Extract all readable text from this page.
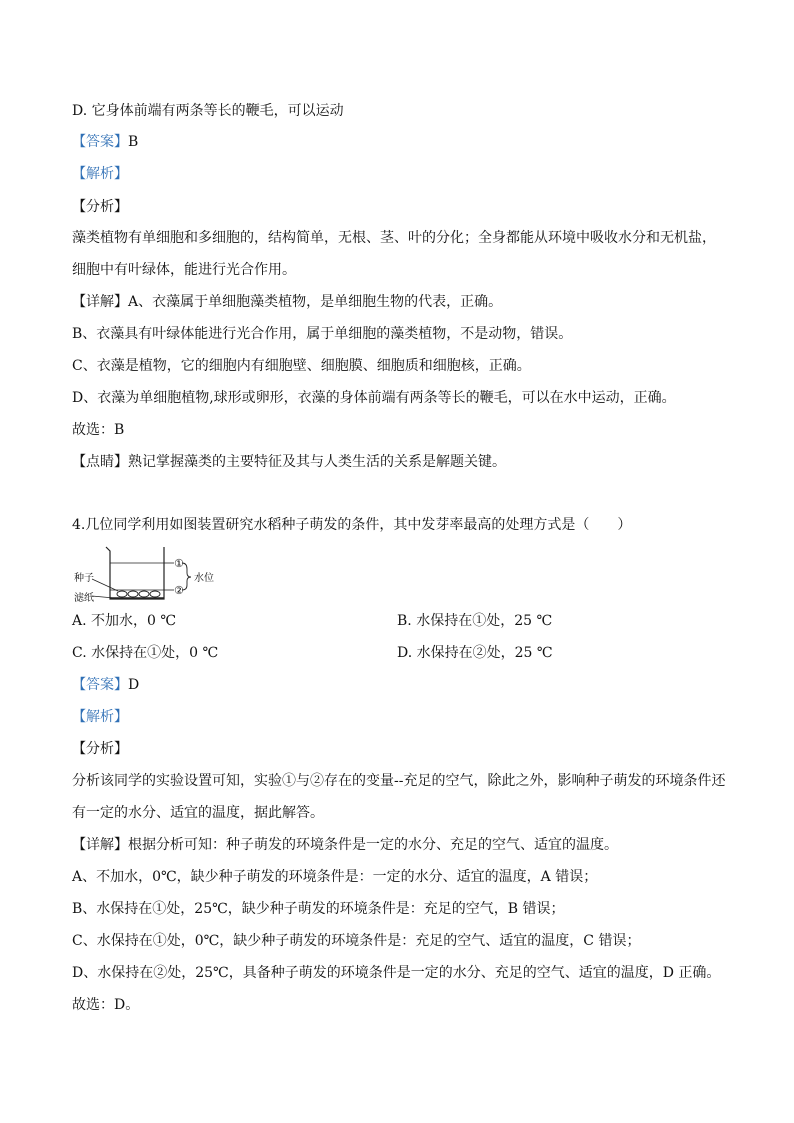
D. 它身体前端有两条等长的鞭毛，可以运动
【答案】B
【解析】
【分析】
藻类植物有单细胞和多细胞的，结构简单，无根、茎、叶的分化；全身都能从环境中吸收水分和无机盐，
细胞中有叶绿体，能进行光合作用。
【详解】A、衣藻属于单细胞藻类植物，是单细胞生物的代表，正确。
B、衣藻具有叶绿体能进行光合作用，属于单细胞的藻类植物，不是动物，错误。
C、衣藻是植物，它的细胞内有细胞壁、细胞膜、细胞质和细胞核，正确。
D、衣藻为单细胞植物,球形或卵形，衣藻的身体前端有两条等长的鞭毛，可以在水中运动，正确。
故选：B
【点睛】熟记掌握藻类的主要特征及其与人类生活的关系是解题关键。
4.几位同学利用如图装置研究水稻种子萌发的条件，其中发芽率最高的处理方式是（　　）
种子
滤纸
①
②
水位
A. 不加水，0 ℃	B. 水保持在①处，25 ℃
C. 水保持在①处，0 ℃	D. 水保持在②处，25 ℃
【答案】D
【解析】
【分析】
分析该同学的实验设置可知，实验①与②存在的变量--充足的空气，除此之外，影响种子萌发的环境条件还
有一定的水分、适宜的温度，据此解答。
【详解】根据分析可知：种子萌发的环境条件是一定的水分、充足的空气、适宜的温度。
A、不加水，0℃，缺少种子萌发的环境条件是：一定的水分、适宜的温度，A 错误；
B、水保持在①处，25℃，缺少种子萌发的环境条件是：充足的空气，B 错误；
C、水保持在①处，0℃，缺少种子萌发的环境条件是：充足的空气、适宜的温度，C 错误；
D、水保持在②处，25℃，具备种子萌发的环境条件是一定的水分、充足的空气、适宜的温度，D 正确。
故选：D。
